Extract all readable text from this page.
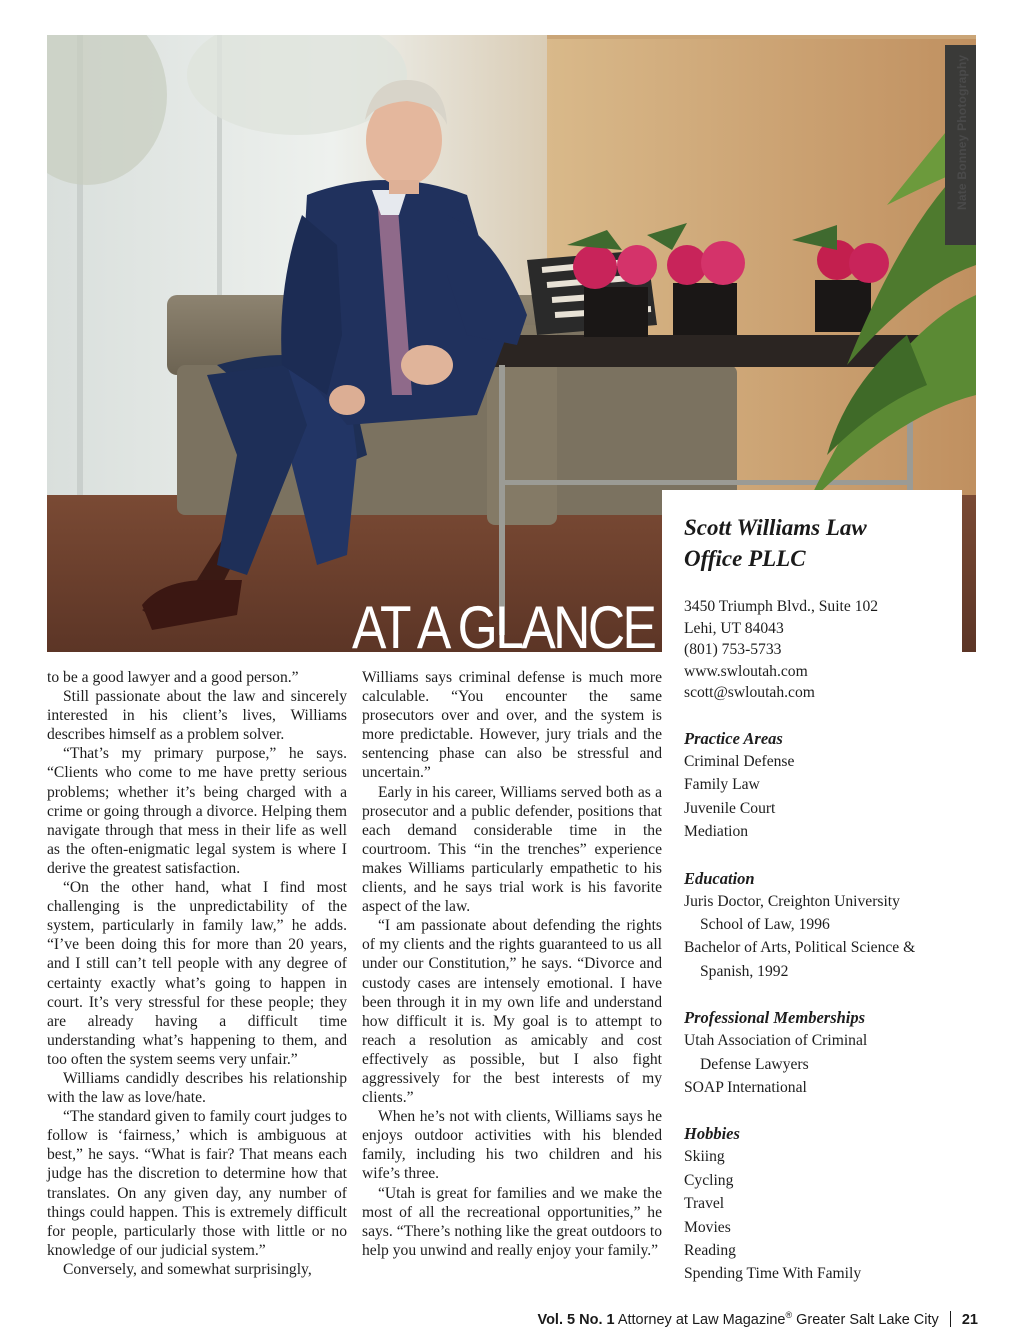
Nate Bonney Photography
AT A GLANCE

to be a good lawyer and a good person.”

Still passionate about the law and sincerely interested in his client’s lives, Williams describes himself as a problem solver.

“That’s my primary purpose,” he says. “Clients who come to me have pretty serious problems; whether it’s being charged with a crime or going through a divorce. Helping them navigate through that mess in their life as well as the often-enigmatic legal system is where I derive the greatest satisfaction.

“On the other hand, what I find most challenging is the unpredictability of the system, particularly in family law,” he adds. “I’ve been doing this for more than 20 years, and I still can’t tell people with any degree of certainty exactly what’s going to happen in court. It’s very stressful for these people; they are already having a difficult time understanding what’s happening to them, and too often the system seems very unfair.”

Williams candidly describes his relationship with the law as love/hate.

“The standard given to family court judges to follow is ‘fairness,’ which is ambiguous at best,” he says. “What is fair? That means each judge has the discretion to determine how that translates. On any given day, any number of things could happen. This is extremely difficult for people, particularly those with little or no knowledge of our judicial system.”

Conversely, and somewhat surprisingly,

Williams says criminal defense is much more calculable. “You encounter the same prosecutors over and over, and the system is more predictable. However, jury trials and the sentencing phase can also be stressful and uncertain.”

Early in his career, Williams served both as a prosecutor and a public defender, positions that each demand considerable time in the courtroom. This “in the trenches” experience makes Williams particularly empathetic to his clients, and he says trial work is his favorite aspect of the law.

“I am passionate about defending the rights of my clients and the rights guaranteed to us all under our Constitution,” he says. “Divorce and custody cases are intensely emotional. I have been through it in my own life and understand how difficult it is. My goal is to attempt to reach a resolution as amicably and cost effectively as possible, but I also fight aggressively for the best interests of my clients.”

When he’s not with clients, Williams says he enjoys outdoor activities with his blended family, including his two children and his wife’s three.

“Utah is great for families and we make the most of all the recreational opportunities,” he says. “There’s nothing like the great outdoors to help you unwind and really enjoy your family.”

Scott Williams Law
Office PLLC
3450 Triumph Blvd., Suite 102
Lehi, UT 84043
(801) 753-5733
www.swloutah.com
scott@swloutah.com
Practice Areas
Criminal Defense
Family Law
Juvenile Court
Mediation
Education
Juris Doctor, Creighton University
School of Law, 1996
Bachelor of Arts, Political Science &
Spanish, 1992
Professional Memberships
Utah Association of Criminal
Defense Lawyers
SOAP International
Hobbies
Skiing
Cycling
Travel
Movies
Reading
Spending Time With Family
Vol. 5 No. 1 Attorney at Law Magazine® Greater Salt Lake City 21
